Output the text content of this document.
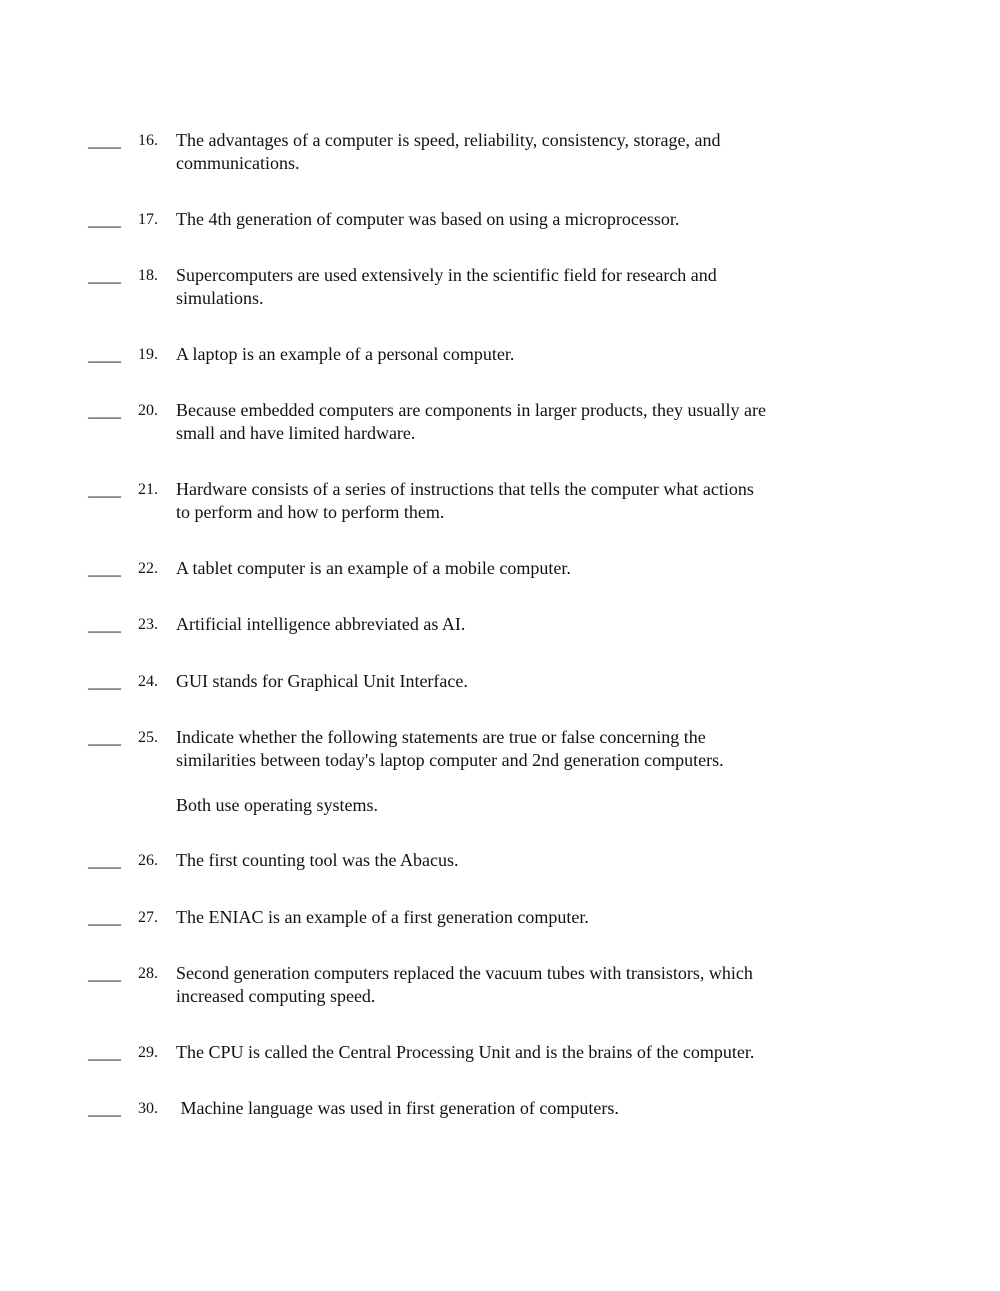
____ 16. The advantages of a computer is speed, reliability, consistency, storage, and
communications.
____ 17. The 4th generation of computer was based on using a microprocessor.
____ 18. Supercomputers are used extensively in the scientific field for research and
simulations.
____ 19. A laptop is an example of a personal computer.
____ 20. Because embedded computers are components in larger products, they usually are
small and have limited hardware.
____ 21. Hardware consists of a series of instructions that tells the computer what actions
to perform and how to perform them.
____ 22. A tablet computer is an example of a mobile computer.
____ 23. Artificial intelligence abbreviated as AI.
____ 24. GUI stands for Graphical Unit Interface.
____ 25. Indicate whether the following statements are true or false concerning the
similarities between today's laptop computer and 2nd generation computers.
Both use operating systems.
____ 26. The first counting tool was the Abacus.
____ 27. The ENIAC is an example of a first generation computer.
____ 28. Second generation computers replaced the vacuum tubes with transistors, which
increased computing speed.
____ 29. The CPU is called the Central Processing Unit and is the brains of the computer.
____ 30. Machine language was used in first generation of computers.
